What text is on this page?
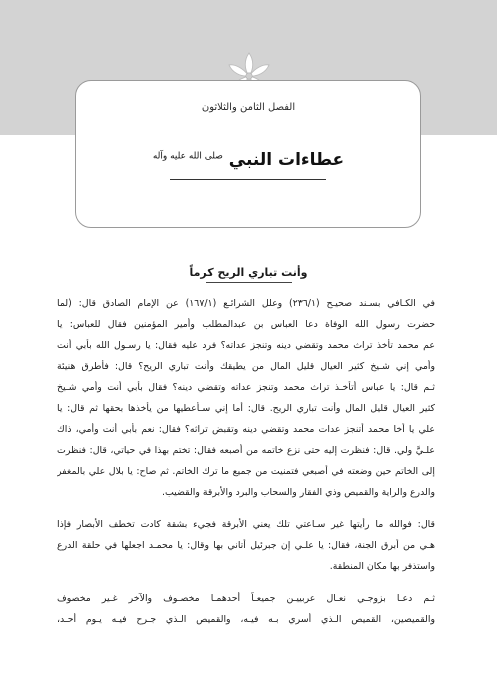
الفصل الثامن والثلاثون
عطاءات النبي $^{صلى الله عليه وآله}$
وأنت تباري الريح كرماً
في الكـافي بسـند صحيـح (٢٣٦/١) وعلل الشرائـع (١٦٧/١) عن الإمام الصادق قال: (لما
حضرت رسول الله الوفاة دعا العباس بن عبدالمطلب وأمير المؤمنين فقال للعباس: يا
عم محمد تأخذ تراث محمد وتقضي دينه وتنجز عداته؟ فرد عليه فقال: يا رسـول الله بأبي أنت
وأمي إني شـيخ كثير العيال قليل المال من يطيقك وأنت تباري الريح؟ قال: فأطرق هنيئة
ثـم قال: يا عباس أتأخـذ تراث محمد وتنجز عداته وتقضي دينه؟ فقال بأبي أنت وأمي شـيخ
كثير العيال قليل المال وأنت تباري الريح. قال: أما إني سـأعطيها من يأخذها بحقها ثم قال: يا
علي يا أخا محمد أتنجز عدات محمد وتقضي دينه وتقبض تراثه؟ فقال: نعم بأبي أنت وأمي، ذاك
علـيَّ ولي. قال: فنظرت إليه حتى نزع خاتمه من أصبعه فقال: تختم بهذا في حياتي، قال: فنظرت
إلى الخاتم حين وضعته في أصبعي فتمنيت من جميع ما ترك الخاتم. ثم صاح: يا بلال علي بالمغفر
والدرع والراية والقميص وذي الفقار والسحاب والبرد والأبرقة والقضيب.
قال: فوالله ما رأيتها غير سـاعتي تلك يعني الأبرقة فجيء بشقة كادت تخطف الأبصار فإذا
هـي من أبرق الجنة، فقال: يا علـي إن جبرئيل أتاني بها وقال: يا محمـد اجعلها في حلقة الدرع
واستذفر بها مكان المنطقة.
ثـم دعـا بزوجـي نعـال عربييـن جميعـاً أحدهمـا مخصـوف والآخر غـير مخصوف
والقميصين، القميص الـذي أسري بـه فيـه، والقميص الـذي جـرح فيـه يـوم أحـد،
